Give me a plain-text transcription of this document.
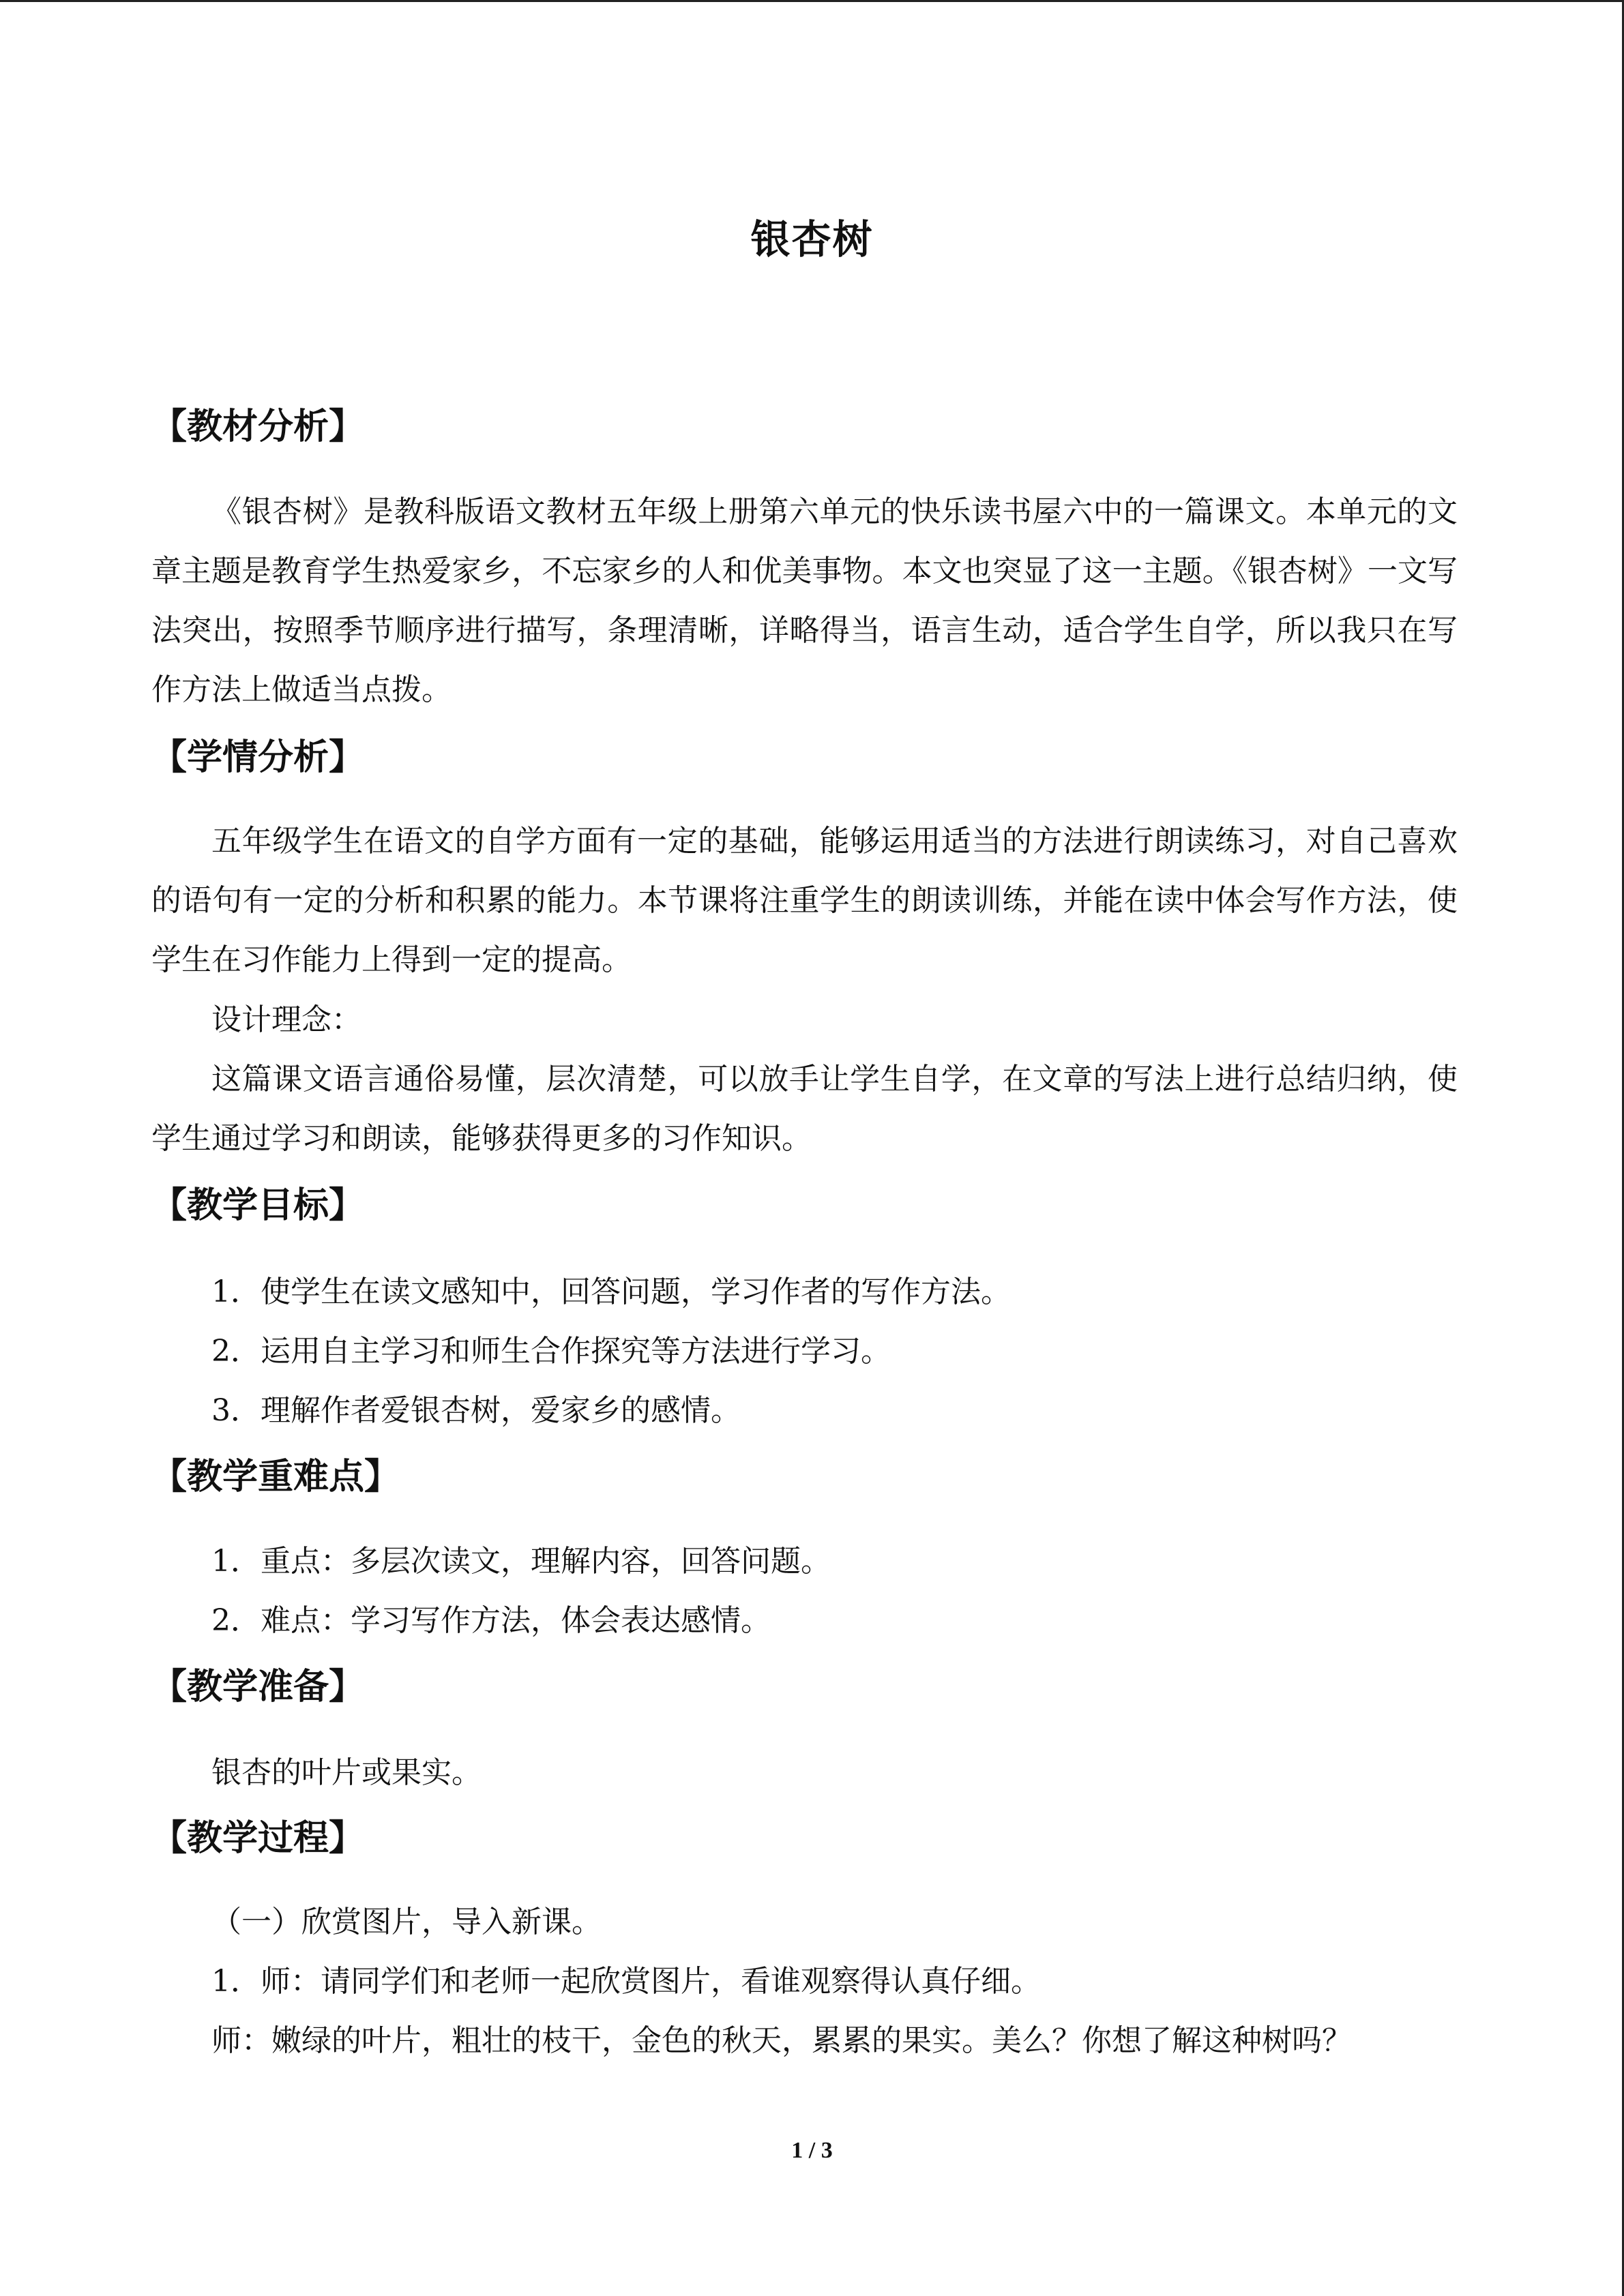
银杏树
【教材分析】

《银杏树》是教科版语文教材五年级上册第六单元的快乐读书屋六中的一篇课文。本单元的文章主题是教育学生热爱家乡，不忘家乡的人和优美事物。本文也突显了这一主题。《银杏树》一文写法突出，按照季节顺序进行描写，条理清晰，详略得当，语言生动，适合学生自学，所以我只在写作方法上做适当点拨。

【学情分析】

五年级学生在语文的自学方面有一定的基础，能够运用适当的方法进行朗读练习，对自己喜欢的语句有一定的分析和积累的能力。本节课将注重学生的朗读训练，并能在读中体会写作方法，使学生在习作能力上得到一定的提高。

设计理念：

这篇课文语言通俗易懂，层次清楚，可以放手让学生自学，在文章的写法上进行总结归纳，使学生通过学习和朗读，能够获得更多的习作知识。

【教学目标】

1．使学生在读文感知中，回答问题，学习作者的写作方法。

2．运用自主学习和师生合作探究等方法进行学习。

3．理解作者爱银杏树，爱家乡的感情。

【教学重难点】

1．重点：多层次读文，理解内容，回答问题。

2．难点：学习写作方法，体会表达感情。

【教学准备】

银杏的叶片或果实。

【教学过程】

（一）欣赏图片，导入新课。

1．师：请同学们和老师一起欣赏图片，看谁观察得认真仔细。

师：嫩绿的叶片，粗壮的枝干，金色的秋天，累累的果实。美么？你想了解这种树吗？

1 / 3
